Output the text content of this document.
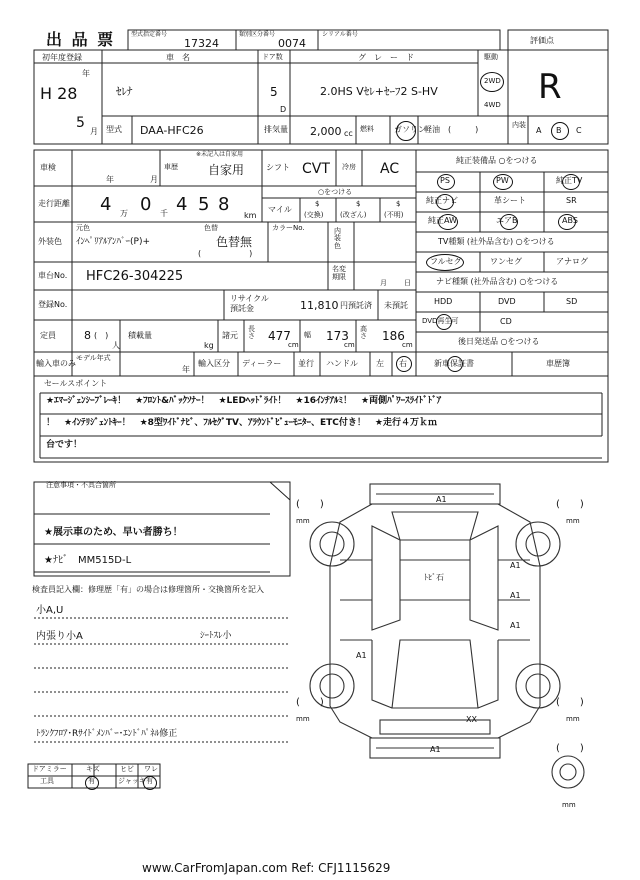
出 品 票	型式指定番号
17324
類別区分番号
0074
シリアル番号
評価点
R
初年度登録
年
H 28
5
月
車　名
ｾﾚﾅ
ドア数
5
D
グ　レ　ー　ド
2.0HS Vｾﾚ+ｾｰﾌ2 S-HV
駆動
2WD
4WD
型式 DAA-HFC26	排気量 2,000 cc 燃料	ガソリン
軽油 (　　　)	内装
A B C
車検
年	月
※未記入は自家用
車歴	自家用	シフト CVT 冷房 AC
走行距離 4 万 0 千 4 5 8
km
○をつける
マイル
$
(交換)
$
(改ざん)
$
(不明)
外装色
元色
ｲﾝﾍﾟﾘｱﾙｱﾝﾊﾞｰ(P)+
色替
色替無
(　　　　　　)
カラーNo.	内装色
車台No. HFC26-304225	名変期限
月 日
登録No.
リサイクル預託金	11,810 円預託済 未預託
定員	8 (　)
人
積載量
kg
諸元
長さ 477
cm
幅 173
cm
高さ 186
cm
輸入車のみ
モデル年式
年
輸入区分 ディーラー 並行 ハンドル 左 右
純正装備品 ○をつける
PS	PW	純正TV
純正ナビ	革シート	SR
純正AW	エアB	ABS
TV種類 (社外品含む) ○をつける
フルセグ	ワンセグ	アナログ
ナビ種類 (社外品含む) ○をつける
HDD	DVD	SD
DVD再生可	CD
後日発送品 ○をつける
新車保証書	車歴簿
セールスポイント
★ｴﾏｰｼﾞｪﾝｼｰﾌﾞﾚｰｷ！　★ﾌﾛﾝﾄ&ﾊﾞｯｸｿﾅｰ！　★LEDﾍｯﾄﾞﾗｲﾄ！　★16ｲﾝﾁｱﾙﾐ！　★両側ﾊﾟﾜｰｽﾗｲﾄﾞﾄﾞｱ
！　★ｲﾝﾃﾘｼﾞｪﾝﾄｷｰ！　★8型ﾜｲﾄﾞﾅﾋﾞ、ﾌﾙｾｸﾞTV、ｱﾗｳﾝﾄﾞﾋﾞｭｰﾓﾆﾀｰ、ETC付き！　★走行４万ｋｍ
台です！
注意事項・不具合箇所
★展示車のため、早い者勝ち！
★ﾅﾋﾞ　MM515D-L
検査員記入欄：修理歴「有」の場合は修理箇所・交換箇所を記入
小A,U
内張り小A	ｼｰﾄｽﾚ小
ﾄﾗﾝｸﾌﾛｱ･Rｻｲﾄﾞﾒﾝﾊﾞｰ･ｴﾝﾄﾞﾊﾟﾈﾙ修正
ドアミラー	キズ	ヒビ ワレ
工具	有	ジャッキ 有
A1
A1
ﾄﾋﾞ石
A1
A1
A1
XX
A1
(　　)
mm
(　　)
mm
(　　)
mm
(　　)
mm
(　　)
mm
www.CarFromJapan.com Ref: CFJ1115629
